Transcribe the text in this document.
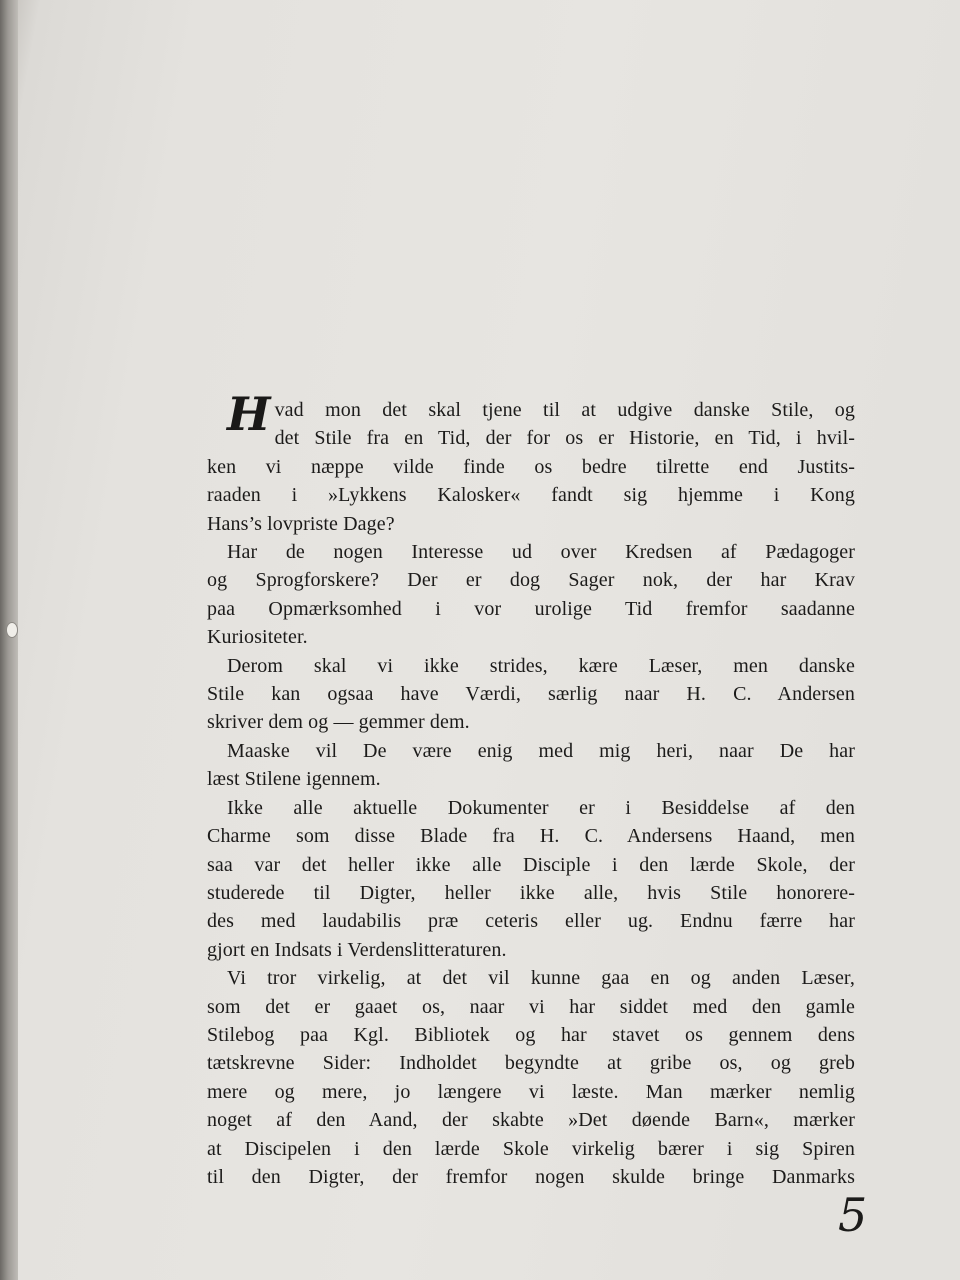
Hvad mon det skal tjene til at udgive danske Stile, og
det Stile fra en Tid, der for os er Historie, en Tid, i hvil-
ken vi næppe vilde finde os bedre tilrette end Justits-
raaden i »Lykkens Kalosker« fandt sig hjemme i Kong
Hans’s lovpriste Dage?
Har de nogen Interesse ud over Kredsen af Pædagoger
og Sprogforskere? Der er dog Sager nok, der har Krav
paa Opmærksomhed i vor urolige Tid fremfor saadanne
Kuriositeter.
Derom skal vi ikke strides, kære Læser, men danske
Stile kan ogsaa have Værdi, særlig naar H. C. Andersen
skriver dem og — gemmer dem.
Maaske vil De være enig med mig heri, naar De har
læst Stilene igennem.
Ikke alle aktuelle Dokumenter er i Besiddelse af den
Charme som disse Blade fra H. C. Andersens Haand, men
saa var det heller ikke alle Disciple i den lærde Skole, der
studerede til Digter, heller ikke alle, hvis Stile honorere-
des med laudabilis præ ceteris eller ug. Endnu færre har
gjort en Indsats i Verdenslitteraturen.
Vi tror virkelig, at det vil kunne gaa en og anden Læser,
som det er gaaet os, naar vi har siddet med den gamle
Stilebog paa Kgl. Bibliotek og har stavet os gennem dens
tætskrevne Sider: Indholdet begyndte at gribe os, og greb
mere og mere, jo længere vi læste. Man mærker nemlig
noget af den Aand, der skabte »Det døende Barn«, mærker
at Discipelen i den lærde Skole virkelig bærer i sig Spiren
til den Digter, der fremfor nogen skulde bringe Danmarks
5
